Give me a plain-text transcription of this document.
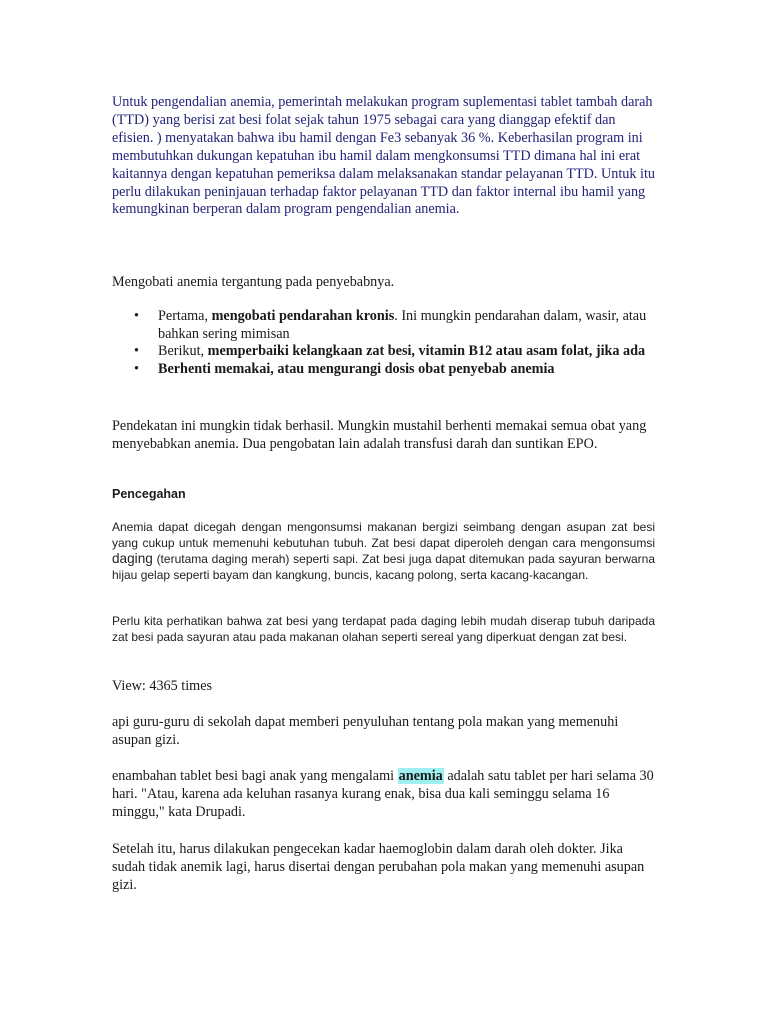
Untuk pengendalian anemia, pemerintah melakukan program suplementasi tablet tambah darah (TTD) yang berisi zat besi folat sejak tahun 1975 sebagai cara yang dianggap efektif dan efisien. ) menyatakan bahwa ibu hamil dengan Fe3 sebanyak 36 %. Keberhasilan program ini membutuhkan dukungan kepatuhan ibu hamil dalam mengkonsumsi TTD dimana hal ini erat kaitannya dengan kepatuhan pemeriksa dalam melaksanakan standar pelayanan TTD. Untuk itu perlu dilakukan peninjauan terhadap faktor pelayanan TTD dan faktor internal ibu hamil yang kemungkinan berperan dalam program pengendalian anemia.

Mengobati anemia tergantung pada penyebabnya.

• Pertama, mengobati pendarahan kronis. Ini mungkin pendarahan dalam, wasir, atau bahkan sering mimisan
• Berikut, memperbaiki kelangkaan zat besi, vitamin B12 atau asam folat, jika ada
• Berhenti memakai, atau mengurangi dosis obat penyebab anemia

Pendekatan ini mungkin tidak berhasil. Mungkin mustahil berhenti memakai semua obat yang menyebabkan anemia. Dua pengobatan lain adalah transfusi darah dan suntikan EPO.

Pencegahan

Anemia dapat dicegah dengan mengonsumsi makanan bergizi seimbang dengan asupan zat besi yang cukup untuk memenuhi kebutuhan tubuh. Zat besi dapat diperoleh dengan cara mengonsumsi daging (terutama daging merah) seperti sapi. Zat besi juga dapat ditemukan pada sayuran berwarna hijau gelap seperti bayam dan kangkung, buncis, kacang polong, serta kacang-kacangan.

Perlu kita perhatikan bahwa zat besi yang terdapat pada daging lebih mudah diserap tubuh daripada zat besi pada sayuran atau pada makanan olahan seperti sereal yang diperkuat dengan zat besi.

View: 4365 times

api guru-guru di sekolah dapat memberi penyuluhan tentang pola makan yang memenuhi asupan gizi.

enambahan tablet besi bagi anak yang mengalami anemia adalah satu tablet per hari selama 30 hari. "Atau, karena ada keluhan rasanya kurang enak, bisa dua kali seminggu selama 16 minggu," kata Drupadi.

Setelah itu, harus dilakukan pengecekan kadar haemoglobin dalam darah oleh dokter. Jika sudah tidak anemik lagi, harus disertai dengan perubahan pola makan yang memenuhi asupan gizi.
